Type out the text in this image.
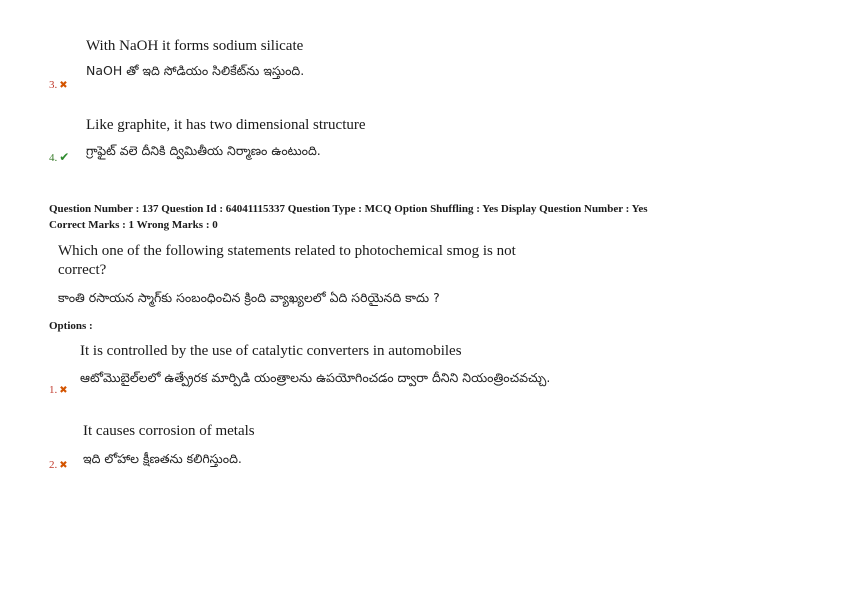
With NaOH it forms sodium silicate
NaOH తో ఇది సోడియం సిలికేట్‌ను ఇస్తుంది.
3. ✖
Like graphite, it has two dimensional structure
గ్రాఫైట్ వలె దీనికి ద్విమితీయ నిర్మాణం ఉంటుంది.
4. ✔
Question Number : 137 Question Id : 64041115337 Question Type : MCQ Option Shuffling : Yes Display Question Number : Yes
Correct Marks : 1 Wrong Marks : 0
Which one of the following statements related to photochemical smog is not
correct?
కాంతి రసాయన స్మాగ్‌కు సంబంధించిన క్రింది వ్యాఖ్యలలో ఏది సరియైనది కాదు ?
Options :
It is controlled by the use of catalytic converters in automobiles
ఆటోమొబైల్‌లలో ఉత్ప్రేరక మార్పిడి యంత్రాలను ఉపయోగించడం ద్వారా దీనిని నియంత్రించవచ్చు.
1. ✖
It causes corrosion of metals
ఇది లోహాల క్షీణతను కలిగిస్తుంది.
2. ✖
